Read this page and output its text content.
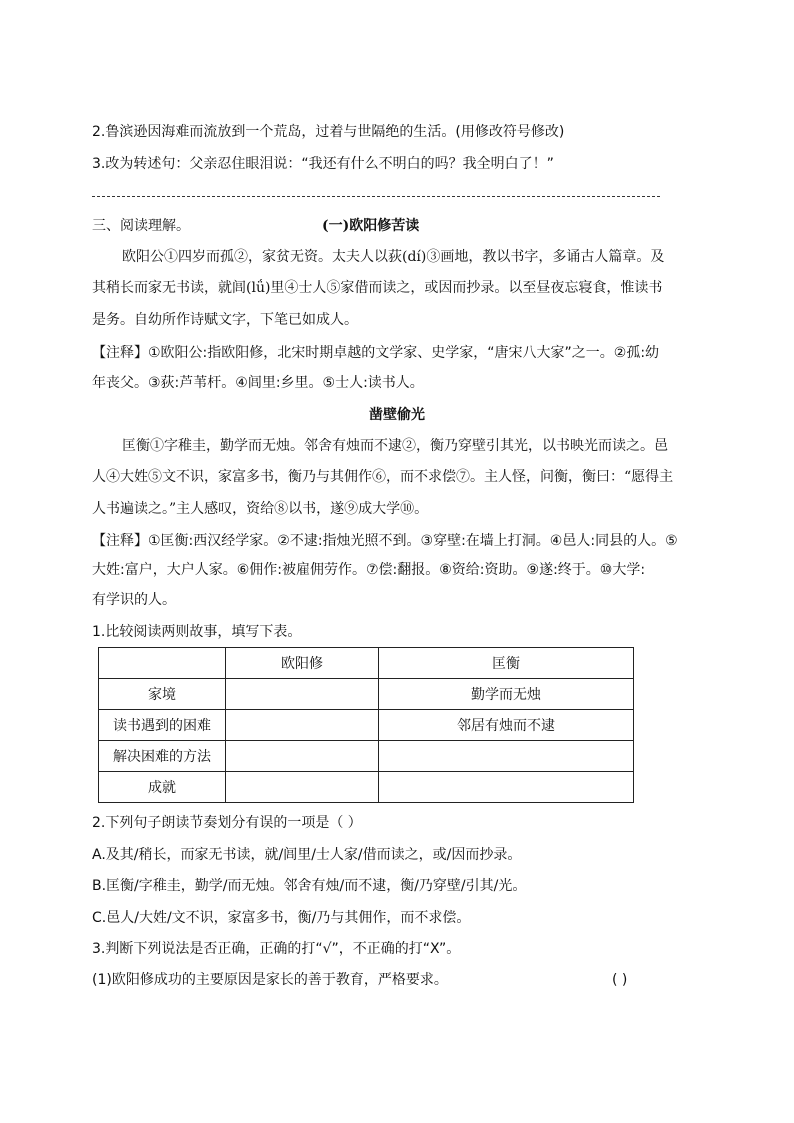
2.鲁滨逊因海难而流放到一个荒岛，过着与世隔绝的生活。(用修改符号修改)
3.改为转述句：父亲忍住眼泪说：“我还有什么不明白的吗？我全明白了！”
三、阅读理解。	(一)欧阳修苦读
欧阳公①四岁而孤②，家贫无资。太夫人以荻(dí)③画地，教以书字，多诵古人篇章。及
其稍长而家无书读，就闾(lǘ)里④士人⑤家借而读之，或因而抄录。以至昼夜忘寝食，惟读书
是务。自幼所作诗赋文字，下笔已如成人。
【注释】①欧阳公:指欧阳修，北宋时期卓越的文学家、史学家，“唐宋八大家”之一。②孤:幼
年丧父。③荻:芦苇杆。④闾里:乡里。⑤士人:读书人。
凿壁偷光
匡衡①字稚圭，勤学而无烛。邻舍有烛而不逮②，衡乃穿壁引其光，以书映光而读之。邑
人④大姓⑤文不识，家富多书，衡乃与其佣作⑥，而不求偿⑦。主人怪，问衡，衡曰：“愿得主
人书遍读之。”主人感叹，资给⑧以书，遂⑨成大学⑩。
【注释】①匡衡:西汉经学家。②不逮:指烛光照不到。③穿壁:在墙上打洞。④邑人:同县的人。⑤
大姓:富户，大户人家。⑥佣作:被雇佣劳作。⑦偿:翻报。⑧资给:资助。⑨遂:终于。⑩大学:
有学识的人。
1.比较阅读两则故事，填写下表。
	欧阳修	匡衡
家境		勤学而无烛
读书遇到的困难		邻居有烛而不逮
解决困难的方法		
成就		
2.下列句子朗读节奏划分有误的一项是（ ）
A.及其/稍长，而家无书读，就/闾里/士人家/借而读之，或/因而抄录。
B.匡衡/字稚圭，勤学/而无烛。邻舍有烛/而不逮，衡/乃穿壁/引其/光。
C.邑人/大姓/文不识，家富多书，衡/乃与其佣作，而不求偿。
3.判断下列说法是否正确，正确的打“√”，不正确的打“X”。
(1)欧阳修成功的主要原因是家长的善于教育，严格要求。	( )
